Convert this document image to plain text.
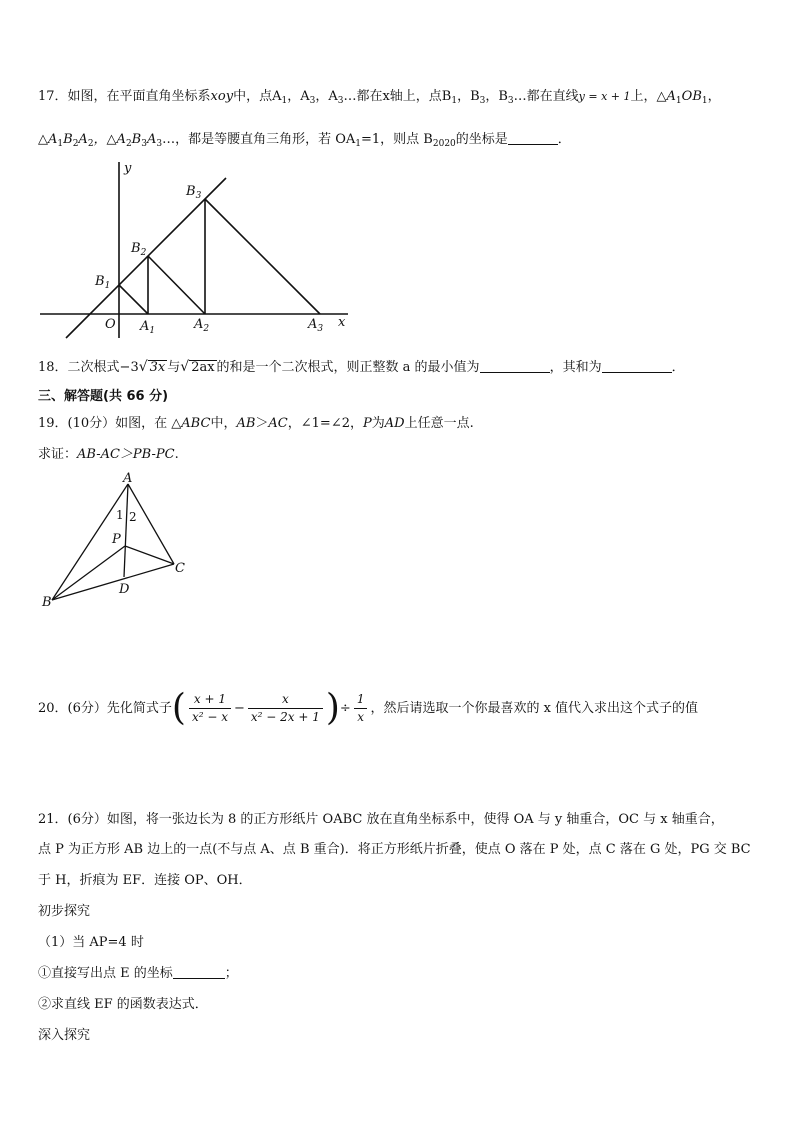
17．如图，在平面直角坐标系xoy中，点$A_1$，$A_3$，$A_3\dots$都在x轴上，点$B_1$，$B_3$，$B_3\dots$都在直线y = x + 1上，$\triangle A_1OB_1$，
$\triangle A_1B_2A_2$，$\triangle A_2B_3A_3\dots$，都是等腰直角三角形，若 $OA_1=1$，则点 $B_{2020}$的坐标是	．
y
x
O
$B_1$
$B_2$
$B_3$
$A_1$	$A_2$	$A_3$
18．二次根式−3√ 3x 与√ 2ax 的和是一个二次根式，则正整数 a 的最小值为	，其和为	．
三、解答题(共 66 分)
19．(10分）如图，在 △ABC中，AB＞AC，∠1=∠2，P为AD上任意一点.
求证：AB-AC＞PB-PC.
A
B
C
D
P
1 2
20．(6分）先化简式子( $\frac{x + 1}{\text{x² − x}} - \frac{x}{\text{x² − 2x + 1}}$ )÷ $\frac{1}{x}$ ，然后请选取一个你最喜欢的 x 值代入求出这个式子的值
21．(6分）如图，将一张边长为 8 的正方形纸片 OABC 放在直角坐标系中，使得 OA 与 y 轴重合，OC 与 x 轴重合，
点 P 为正方形 AB 边上的一点(不与点 A、点 B 重合)．将正方形纸片折叠，使点 O 落在 P 处，点 C 落在 G 处，PG 交 BC
于 H，折痕为 EF．连接 OP、OH．
初步探究
（1）当 AP=4 时
①直接写出点 E 的坐标	；
②求直线 EF 的函数表达式．
深入探究
